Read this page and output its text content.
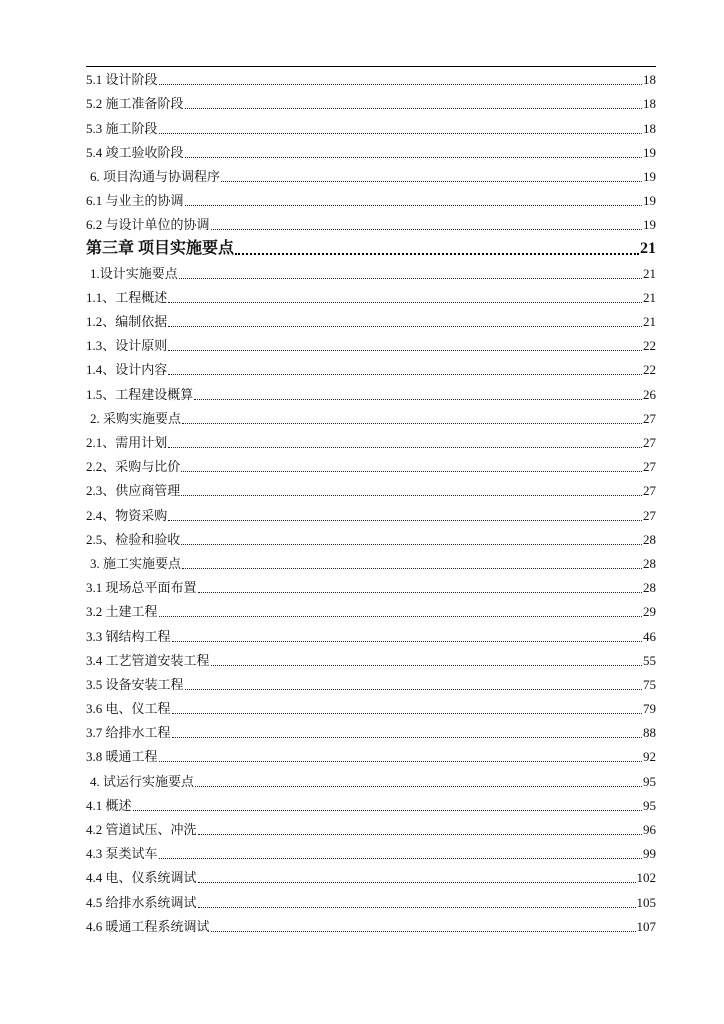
5.1 设计阶段	18
5.2 施工准备阶段	18
5.3 施工阶段	18
5.4 竣工验收阶段	19
6. 项目沟通与协调程序	19
6.1 与业主的协调	19
6.2 与设计单位的协调	19
第三章 项目实施要点	21
1.设计实施要点	21
1.1、工程概述	21
1.2、编制依据	21
1.3、设计原则	22
1.4、设计内容	22
1.5、工程建设概算	26
2. 采购实施要点	27
2.1、需用计划	27
2.2、采购与比价	27
2.3、供应商管理	27
2.4、物资采购	27
2.5、检验和验收	28
3. 施工实施要点	28
3.1 现场总平面布置	28
3.2 土建工程	29
3.3 钢结构工程	46
3.4 工艺管道安装工程	55
3.5 设备安装工程	75
3.6 电、仪工程	79
3.7 给排水工程	88
3.8 暖通工程	92
4. 试运行实施要点	95
4.1 概述	95
4.2 管道试压、冲洗	96
4.3 泵类试车	99
4.4 电、仪系统调试	102
4.5 给排水系统调试	105
4.6 暖通工程系统调试	107
